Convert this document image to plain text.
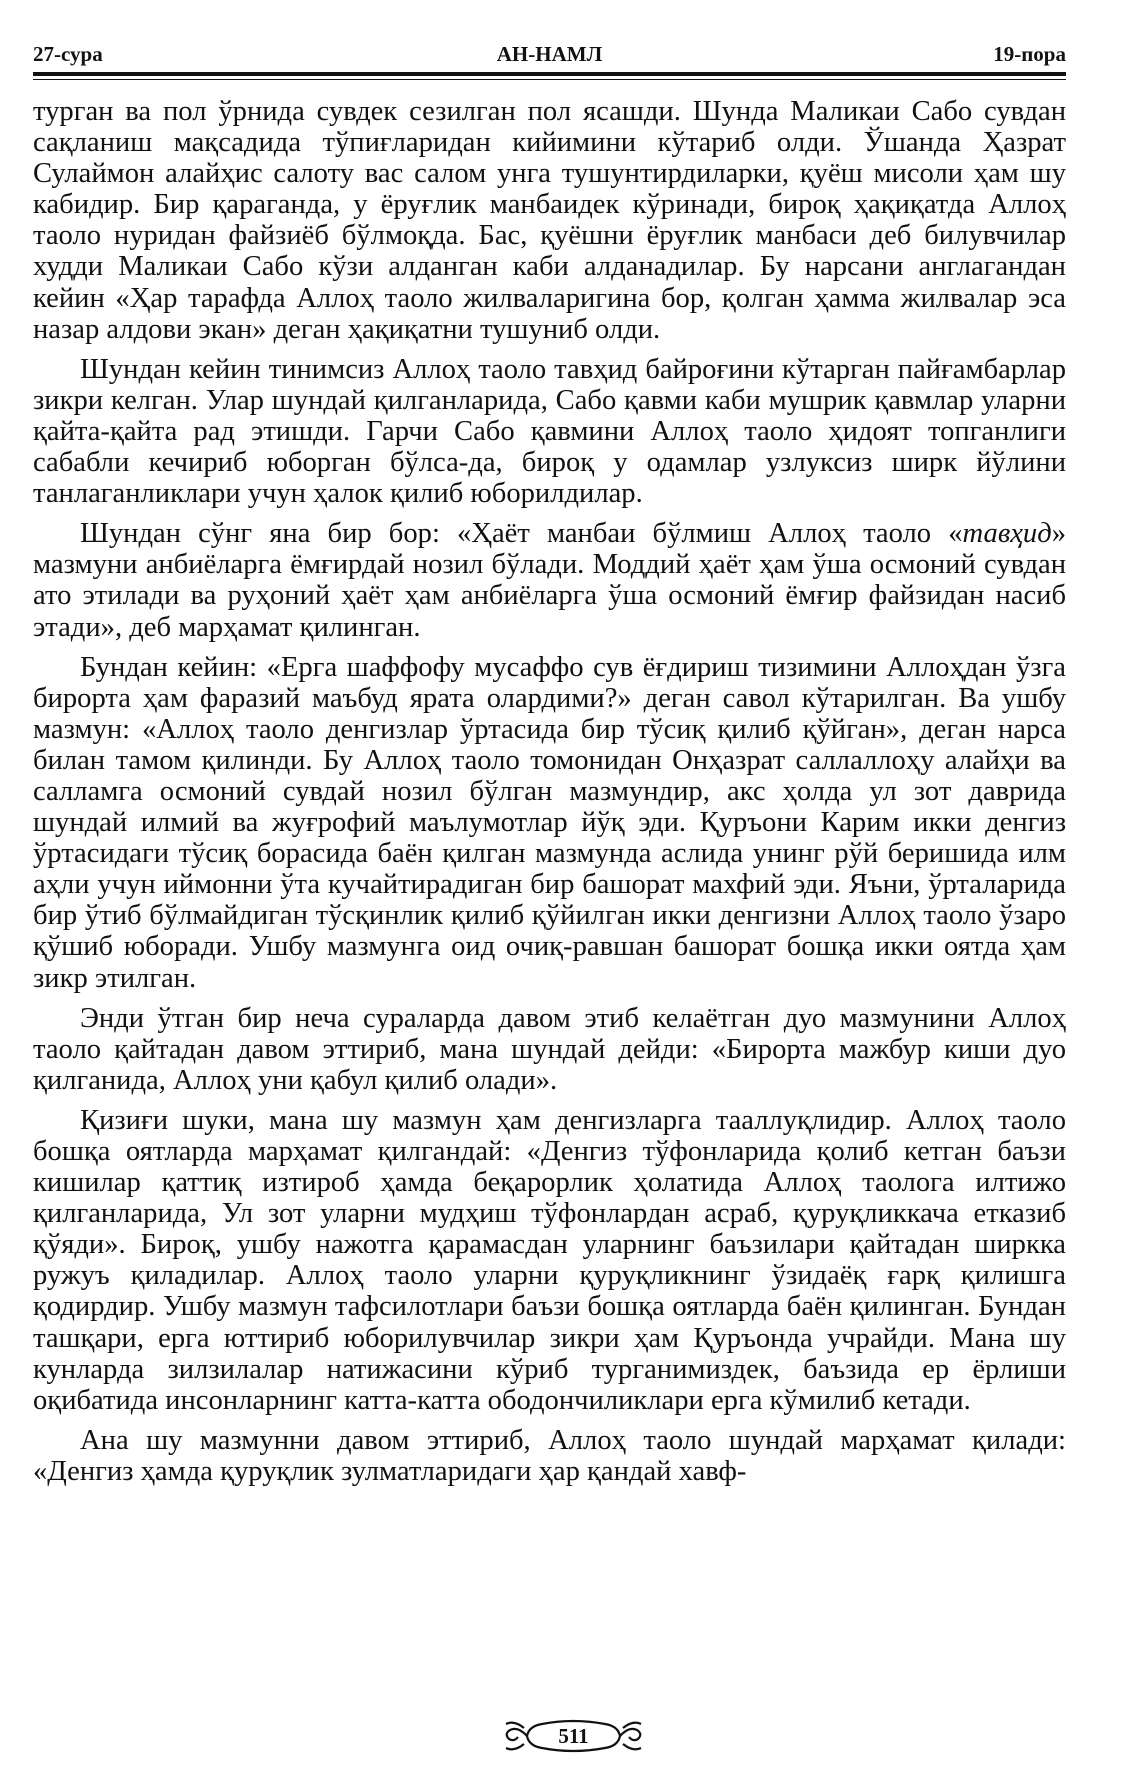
27-сура	АН-НАМЛ	19-пора

турган ва пол ўрнида сувдек сезилган пол ясашди. Шунда Маликаи Сабо сувдан сақланиш мақсадида тўпиғларидан кийимини кўтариб олди. Ўшанда Ҳазрат Сулаймон алайҳис салоту вас салом унга тушунтирдиларки, қуёш мисоли ҳам шу кабидир. Бир қараганда, у ёруғлик манбаидек кўринади, бироқ ҳақиқатда Аллоҳ таоло нуридан файзиёб бўлмоқда. Бас, қуёшни ёруғлик манбаси деб билувчилар худди Маликаи Сабо кўзи алданган каби алданадилар. Бу нарсани англагандан кейин «Ҳар тарафда Аллоҳ таоло жилваларигина бор, қолган ҳамма жилвалар эса назар алдови экан» деган ҳақиқатни тушуниб олди.

Шундан кейин тинимсиз Аллоҳ таоло тавҳид байроғини кўтарган пайғамбарлар зикри келган. Улар шундай қилганларида, Сабо қавми каби мушрик қавмлар уларни қайта-қайта рад этишди. Гарчи Сабо қавмини Аллоҳ таоло ҳидоят топганлиги сабабли кечириб юборган бўлса-да, бироқ у одамлар узлуксиз ширк йўлини танлаганликлари учун ҳалок қилиб юборилдилар.

Шундан сўнг яна бир бор: «Ҳаёт манбаи бўлмиш Аллоҳ таоло «тавҳид» мазмуни анбиёларга ёмғирдай нозил бўлади. Моддий ҳаёт ҳам ўша осмоний сувдан ато этилади ва руҳоний ҳаёт ҳам анбиёларга ўша осмоний ёмғир файзидан насиб этади», деб марҳамат қилинган.

Бундан кейин: «Ерга шаффофу мусаффо сув ёғдириш тизимини Аллоҳдан ўзга бирорта ҳам фаразий маъбуд ярата олардими?» деган савол кўтарилган. Ва ушбу мазмун: «Аллоҳ таоло денгизлар ўртасида бир тўсиқ қилиб қўйган», деган нарса билан тамом қилинди. Бу Аллоҳ таоло томонидан Онҳазрат саллаллоҳу алайҳи ва салламга осмоний сувдай нозил бўлган мазмундир, акс ҳолда ул зот даврида шундай илмий ва жуғрофий маълумотлар йўқ эди. Қуръони Карим икки денгиз ўртасидаги тўсиқ борасида баён қилган мазмунда аслида унинг рўй беришида илм аҳли учун иймонни ўта кучайтирадиган бир башорат махфий эди. Яъни, ўрталарида бир ўтиб бўлмайдиган тўсқинлик қилиб қўйилган икки денгизни Аллоҳ таоло ўзаро қўшиб юборади. Ушбу мазмунга оид очиқ-равшан башорат бошқа икки оятда ҳам зикр этилган.

Энди ўтган бир неча сураларда давом этиб келаётган дуо мазмунини Аллоҳ таоло қайтадан давом эттириб, мана шундай дейди: «Бирорта мажбур киши дуо қилганида, Аллоҳ уни қабул қилиб олади».

Қизиғи шуки, мана шу мазмун ҳам денгизларга тааллуқлидир. Аллоҳ таоло бошқа оятларда марҳамат қилгандай: «Денгиз тўфонларида қолиб кетган баъзи кишилар қаттиқ изтироб ҳамда беқарорлик ҳолатида Аллоҳ таолога илтижо қилганларида, Ул зот уларни мудҳиш тўфонлардан асраб, қуруқликкача етказиб қўяди». Бироқ, ушбу нажотга қарамасдан уларнинг баъзилари қайтадан ширкка ружуъ қиладилар. Аллоҳ таоло уларни қуруқликнинг ўзидаёқ ғарқ қилишга қодирдир. Ушбу мазмун тафсилотлари баъзи бошқа оятларда баён қилинган. Бундан ташқари, ерга юттириб юборилувчилар зикри ҳам Қуръонда учрайди. Мана шу кунларда зилзилалар натижасини кўриб турганимиздек, баъзида ер ёрлиши оқибатида инсонларнинг катта-катта ободончиликлари ерга кўмилиб кетади.

Ана шу мазмунни давом эттириб, Аллоҳ таоло шундай марҳамат қилади: «Денгиз ҳамда қуруқлик зулматларидаги ҳар қандай хавф-

511
